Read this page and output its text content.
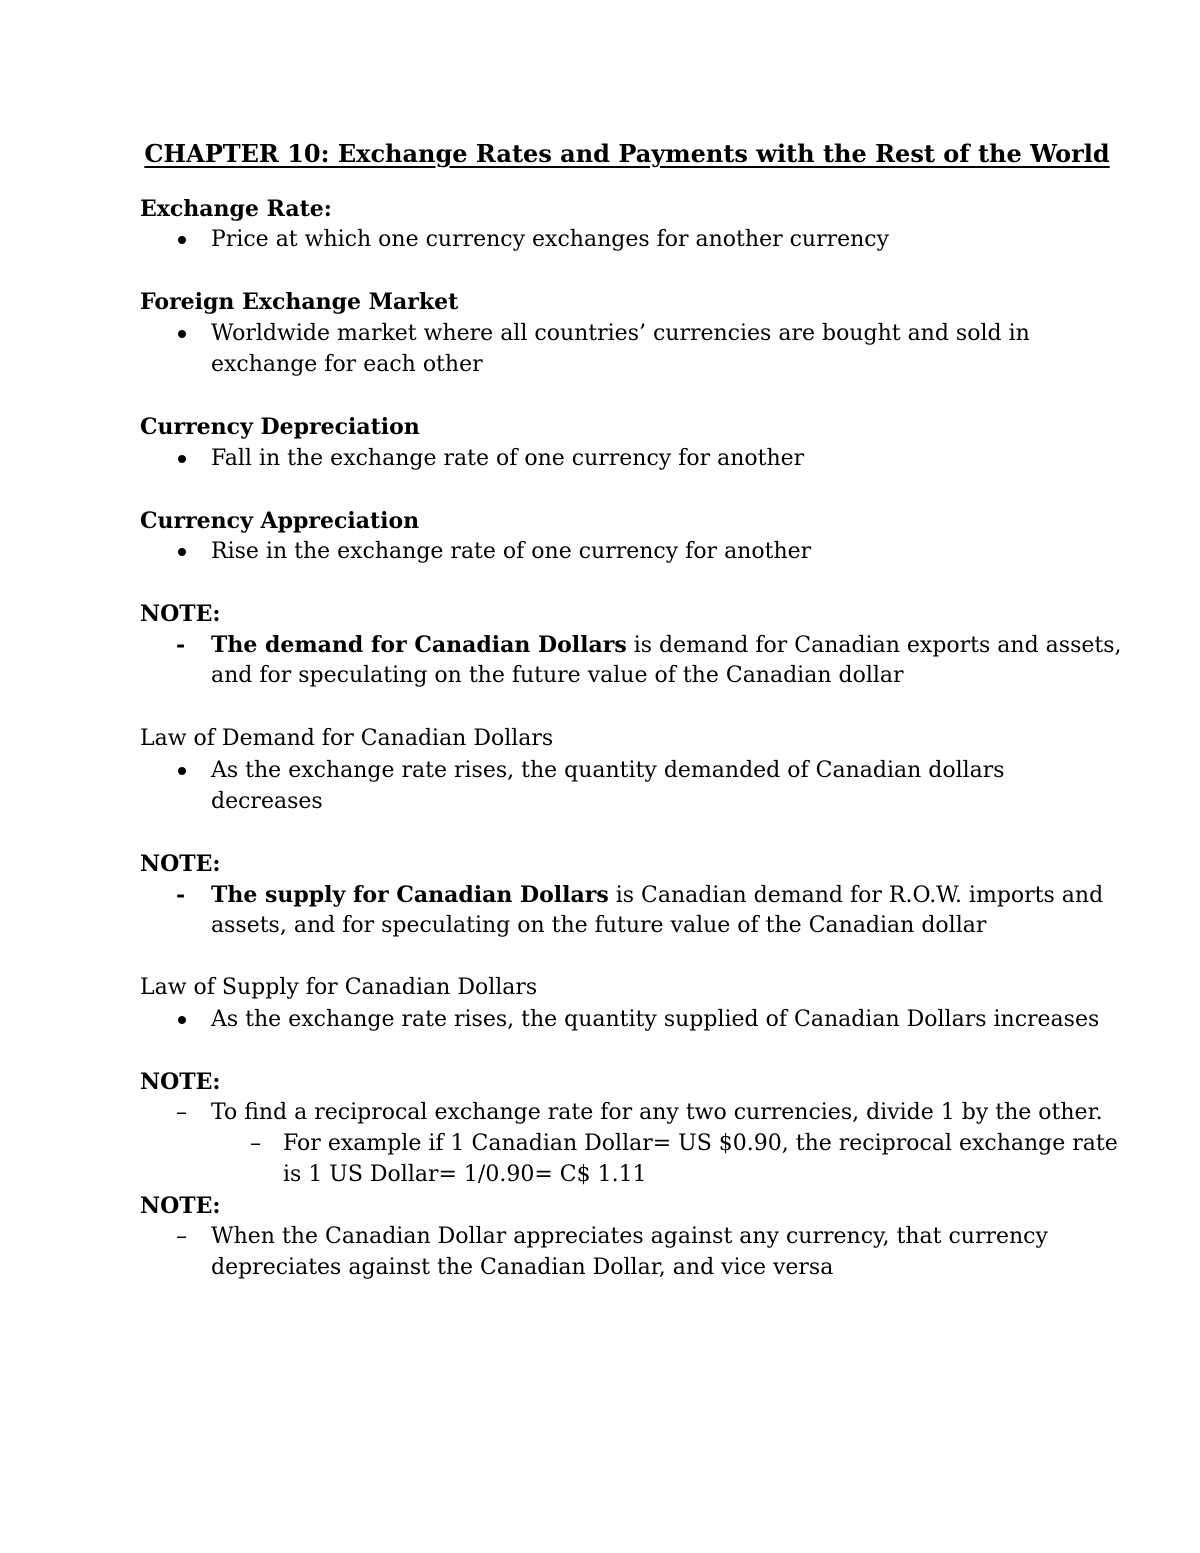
CHAPTER 10: Exchange Rates and Payments with the Rest of the World
Exchange Rate:
Price at which one currency exchanges for another currency
Foreign Exchange Market
Worldwide market where all countries’ currencies are bought and sold in
exchange for each other
Currency Depreciation
Fall in the exchange rate of one currency for another
Currency Appreciation
Rise in the exchange rate of one currency for another
NOTE:
- The demand for Canadian Dollars is demand for Canadian exports and assets,
and for speculating on the future value of the Canadian dollar
Law of Demand for Canadian Dollars
As the exchange rate rises, the quantity demanded of Canadian dollars
decreases
NOTE:
- The supply for Canadian Dollars is Canadian demand for R.O.W. imports and
assets, and for speculating on the future value of the Canadian dollar
Law of Supply for Canadian Dollars
As the exchange rate rises, the quantity supplied of Canadian Dollars increases
NOTE:
– To find a reciprocal exchange rate for any two currencies, divide 1 by the other.
– For example if 1 Canadian Dollar= US $0.90, the reciprocal exchange rate
is 1 US Dollar= 1/0.90= C$ 1.11
NOTE:
– When the Canadian Dollar appreciates against any currency, that currency
depreciates against the Canadian Dollar, and vice versa
